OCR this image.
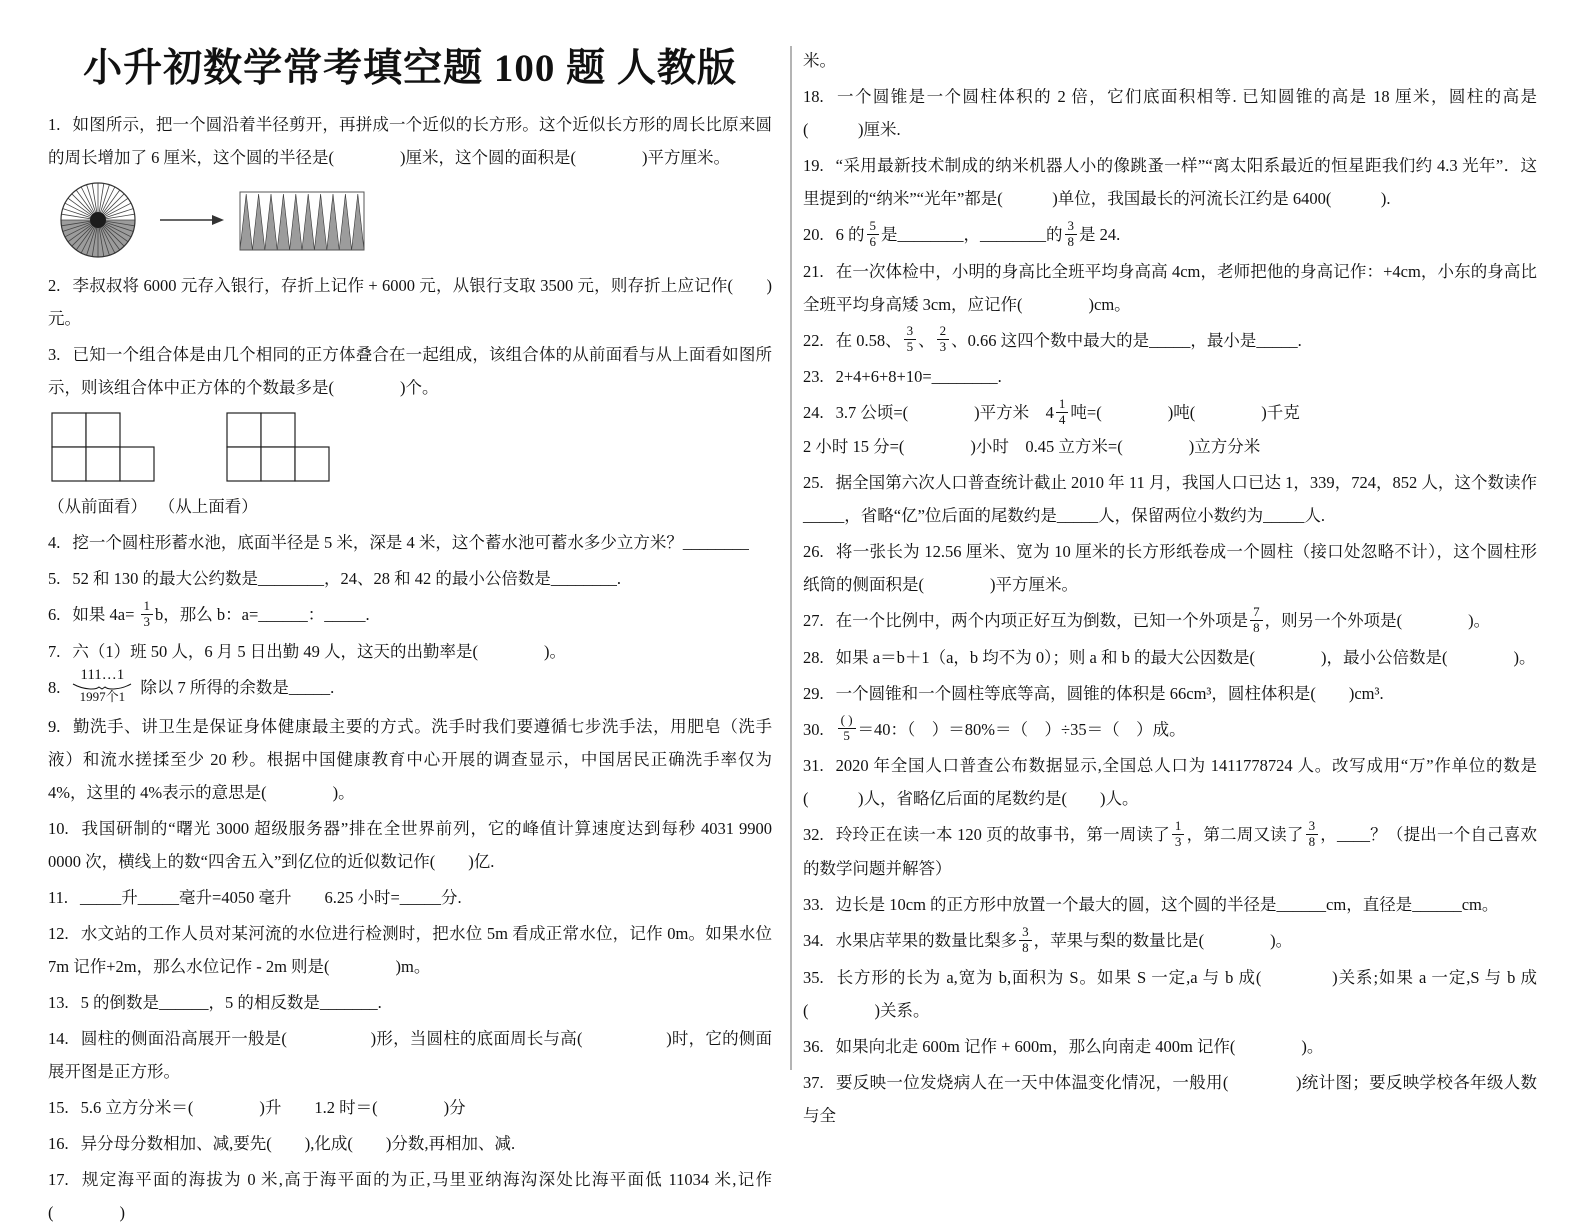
小升初数学常考填空题 100 题 人教版
1. 如图所示，把一个圆沿着半径剪开，再拼成一个近似的长方形。这个近似长方形的周长比原来圆的周长增加了 6 厘米，这个圆的半径是(　　　　)厘米，这个圆的面积是(　　　　)平方厘米。
2. 李叔叔将 6000 元存入银行，存折上记作 + 6000 元，从银行支取 3500 元，则存折上应记作(　　)元。
3. 已知一个组合体是由几个相同的正方体叠合在一起组成，该组合体的从前面看与从上面看如图所示，则该组合体中正方体的个数最多是(　　　　)个。
（从前面看） （从上面看）
4. 挖一个圆柱形蓄水池，底面半径是 5 米，深是 4 米，这个蓄水池可蓄水多少立方米？________
5. 52 和 130 的最大公约数是________，24、28 和 42 的最小公倍数是________.
6. 如果 $4a= \frac{1}{3}$ b，那么 b：a=______：_____.
7. 六（1）班 50 人，6 月 5 日出勤 49 人，这天的出勤率是(　　　　)。
8.
111…1
1997个1
除以 7 所得的余数是_____.
9. 勤洗手、讲卫生是保证身体健康最主要的方式。洗手时我们要遵循七步洗手法，用肥皂（洗手液）和流水搓揉至少 20 秒。根据中国健康教育中心开展的调查显示，中国居民正确洗手率仅为 4%，这里的 4%表示的意思是(　　　　)。
10. 我国研制的“曙光 3000 超级服务器”排在全世界前列，它的峰值计算速度达到每秒 4031 9900 0000 次，横线上的数“四舍五入”到亿位的近似数记作(　　)亿.
11. _____升_____毫升=4050 毫升　　6.25 小时=_____分.
12. 水文站的工作人员对某河流的水位进行检测时，把水位 5m 看成正常水位，记作 0m。如果水位 7m 记作+2m，那么水位记作 - 2m 则是(　　　　)m。
13. 5 的倒数是______，5 的相反数是_______.
14. 圆柱的侧面沿高展开一般是(　　　　　)形，当圆柱的底面周长与高(　　　　　)时，它的侧面展开图是正方形。
15. 5.6 立方分米＝(　　　　)升　　1.2 时＝(　　　　)分
16. 异分母分数相加、减,要先(　　),化成(　　)分数,再相加、减.
17. 规定海平面的海拔为 0 米,高于海平面的为正,马里亚纳海沟深处比海平面低 11034 米,记作(　　　　)
米。
18. 一个圆锥是一个圆柱体积的 2 倍，它们底面积相等. 已知圆锥的高是 18 厘米，圆柱的高是(　　　)厘米.
19. “采用最新技术制成的纳米机器人小的像跳蚤一样”“离太阳系最近的恒星距我们约 4.3 光年”．这里提到的“纳米”“光年”都是(　　　)单位，我国最长的河流长江约是 6400(　　　).
20. 6 的 $\frac{5}{6}$ 是________，________的 $\frac{3}{8}$ 是 24.
21. 在一次体检中，小明的身高比全班平均身高高 4cm，老师把他的身高记作：+4cm，小东的身高比全班平均身高矮 3cm，应记作(　　　　)cm。
22. 在 0.58、 $\frac{3}{5}$ 、 $\frac{2}{3}$ 、0.66 这四个数中最大的是_____，最小是_____.
23. 2+4+6+8+10=________.
24. 3.7 公顷=(　　　　)平方米　$4 \frac{1}{4}$ 吨=(　　　　)吨(　　　　)千克
2 小时 15 分=(　　　　)小时　0.45 立方米=(　　　　)立方分米
25. 据全国第六次人口普查统计截止 2010 年 11 月，我国人口已达 1，339，724，852 人，这个数读作_____，省略“亿”位后面的尾数约是_____人，保留两位小数约为_____人.
26. 将一张长为 12.56 厘米、宽为 10 厘米的长方形纸卷成一个圆柱（接口处忽略不计），这个圆柱形纸筒的侧面积是(　　　　)平方厘米。
27. 在一个比例中，两个内项正好互为倒数，已知一个外项是 $\frac{7}{8}$ ，则另一个外项是(　　　　)。
28. 如果 a＝b＋1（a，b 均不为 0）；则 a 和 b 的最大公因数是(　　　　)，最小公倍数是(　　　　)。
29. 一个圆锥和一个圆柱等底等高，圆锥的体积是 66cm³，圆柱体积是(　　)cm³.
30. $\frac{( )}{5} =40$：（　）＝80%＝（　）÷35＝（　）成。
31. 2020 年全国人口普查公布数据显示,全国总人口为 1411778724 人。改写成用“万”作单位的数是(　　　)人，省略亿后面的尾数约是(　　)人。
32. 玲玲正在读一本 120 页的故事书，第一周读了 $\frac{1}{3}$ ，第二周又读了 $\frac{3}{8}$ ，____？（提出一个自己喜欢的数学问题并解答）
33. 边长是 10cm 的正方形中放置一个最大的圆，这个圆的半径是______cm，直径是______cm。
34. 水果店苹果的数量比梨多 $\frac{3}{8}$ ，苹果与梨的数量比是(　　　　)。
35. 长方形的长为 a,宽为 b,面积为 S。如果 S 一定,a 与 b 成(　　　　)关系;如果 a 一定,S 与 b 成(　　　　)关系。
36. 如果向北走 600m 记作 + 600m，那么向南走 400m 记作(　　　　)。
37. 要反映一位发烧病人在一天中体温变化情况，一般用(　　　　)统计图；要反映学校各年级人数与全
